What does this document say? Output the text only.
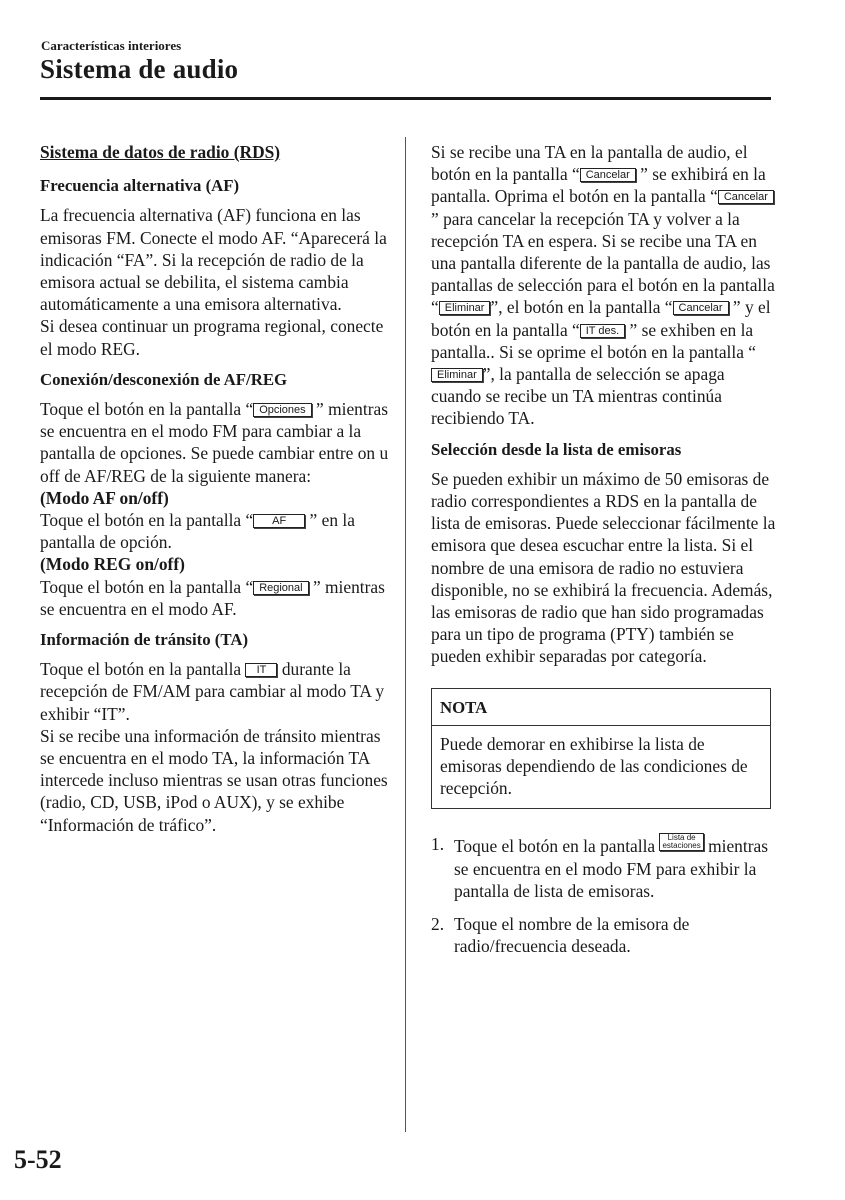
Características interiores
Sistema de audio

Sistema de datos de radio (RDS)

Frecuencia alternativa (AF)

La frecuencia alternativa (AF) funciona en las emisoras FM. Conecte el modo AF. “Aparecerá la indicación “FA”. Si la recepción de radio de la emisora actual se debilita, el sistema cambia automáticamente a una emisora alternativa.

Si desea continuar un programa regional, conecte el modo REG.

Conexión/desconexión de AF/REG

Toque el botón en la pantalla “ Opciones ” mientras se encuentra en el modo FM para cambiar a la pantalla de opciones. Se puede cambiar entre on u off de AF/REG de la siguiente manera:

(Modo AF on/off)

Toque el botón en la pantalla “ AF ” en la pantalla de opción.

(Modo REG on/off)

Toque el botón en la pantalla “ Regional ” mientras se encuentra en el modo AF.

Información de tránsito (TA)

Toque el botón en la pantalla IT durante la recepción de FM/AM para cambiar al modo TA y exhibir “IT”.

Si se recibe una información de tránsito mientras se encuentra en el modo TA, la información TA intercede incluso mientras se usan otras funciones (radio, CD, USB, iPod o AUX), y se exhibe “Información de tráfico”.

Si se recibe una TA en la pantalla de audio, el botón en la pantalla “ Cancelar ” se exhibirá en la pantalla. Oprima el botón en la pantalla “ Cancelar ” para cancelar la recepción TA y volver a la recepción TA en espera. Si se recibe una TA en una pantalla diferente de la pantalla de audio, las pantallas de selección para el botón en la pantalla “ Eliminar ”, el botón en la pantalla “ Cancelar ” y el botón en la pantalla “ IT des. ” se exhiben en la pantalla.. Si se oprime el botón en la pantalla “Eliminar ”, la pantalla de selección se apaga cuando se recibe un TA mientras continúa recibiendo TA.

Selección desde la lista de emisoras

Se pueden exhibir un máximo de 50 emisoras de radio correspondientes a RDS en la pantalla de lista de emisoras. Puede seleccionar fácilmente la emisora que desea escuchar entre la lista. Si el nombre de una emisora de radio no estuviera disponible, no se exhibirá la frecuencia. Además, las emisoras de radio que han sido programadas para un tipo de programa (PTY) también se pueden exhibir separadas por categoría.

NOTA
Puede demorar en exhibirse la lista de emisoras dependiendo de las condiciones de recepción.
1. Toque el botón en la pantalla Lista de
estaciones mientras se encuentra en el modo FM para exhibir la pantalla de lista de emisoras.
2. Toque el nombre de la emisora de radio/frecuencia deseada.
5-52
